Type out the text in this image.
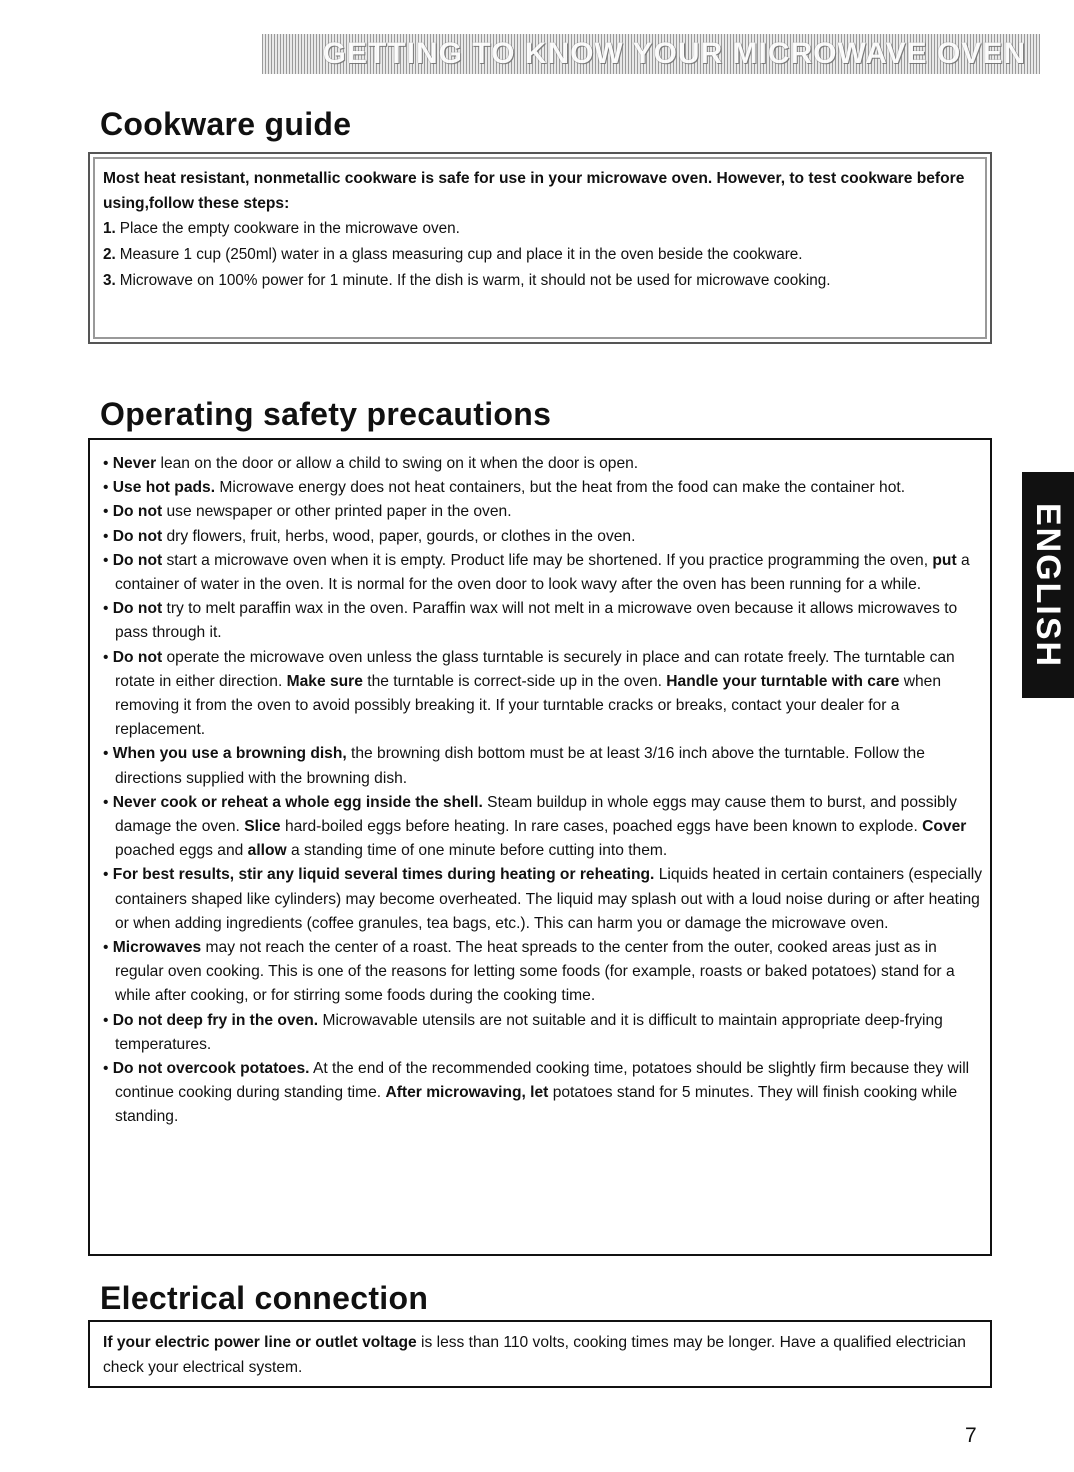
GETTING TO KNOW YOUR MICROWAVE OVEN
Cookware guide

Most heat resistant, nonmetallic cookware is safe for use in your microwave oven. However, to test cookware before using,follow these steps:

1. Place the empty cookware in the microwave oven.

2. Measure 1 cup (250ml) water in a glass measuring cup and place it in the oven beside the cookware.

3. Microwave on 100% power for 1 minute. If the dish is warm, it should not be used for microwave cooking.

Operating safety precautions

• Never lean on the door or allow a child to swing on it when the door is open.

• Use hot pads. Microwave energy does not heat containers, but the heat from the food can make the container hot.

• Do not use newspaper or other printed paper in the oven.

• Do not dry flowers, fruit, herbs, wood, paper, gourds, or clothes in the oven.

• Do not start a microwave oven when it is empty. Product life may be shortened. If you practice programming the oven, put a container of water in the oven. It is normal for the oven door to look wavy after the oven has been running for a while.

• Do not try to melt paraffin wax in the oven. Paraffin wax will not melt in a microwave oven because it allows microwaves to pass through it.

• Do not operate the microwave oven unless the glass turntable is securely in place and can rotate freely. The turntable can rotate in either direction. Make sure the turntable is correct-side up in the oven. Handle your turntable with care when removing it from the oven to avoid possibly breaking it. If your turntable cracks or breaks, contact your dealer for a replacement.

• When you use a browning dish, the browning dish bottom must be at least 3/16 inch above the turntable. Follow the directions supplied with the browning dish.

• Never cook or reheat a whole egg inside the shell. Steam buildup in whole eggs may cause them to burst, and possibly damage the oven. Slice hard-boiled eggs before heating. In rare cases, poached eggs have been known to explode. Cover poached eggs and allow a standing time of one minute before cutting into them.

• For best results, stir any liquid several times during heating or reheating. Liquids heated in certain containers (especially containers shaped like cylinders) may become overheated. The liquid may splash out with a loud noise during or after heating or when adding ingredients (coffee granules, tea bags, etc.). This can harm you or damage the microwave oven.

• Microwaves may not reach the center of a roast. The heat spreads to the center from the outer, cooked areas just as in regular oven cooking. This is one of the reasons for letting some foods (for example, roasts or baked potatoes) stand for a while after cooking, or for stirring some foods during the cooking time.

• Do not deep fry in the oven. Microwavable utensils are not suitable and it is difficult to maintain appropriate deep-frying temperatures.

• Do not overcook potatoes. At the end of the recommended cooking time, potatoes should be slightly firm because they will continue cooking during standing time. After microwaving, let potatoes stand for 5 minutes. They will finish cooking while standing.

Electrical connection

If your electric power line or outlet voltage is less than 110 volts, cooking times may be longer. Have a qualified electrician check your electrical system.

ENGLISH
7
